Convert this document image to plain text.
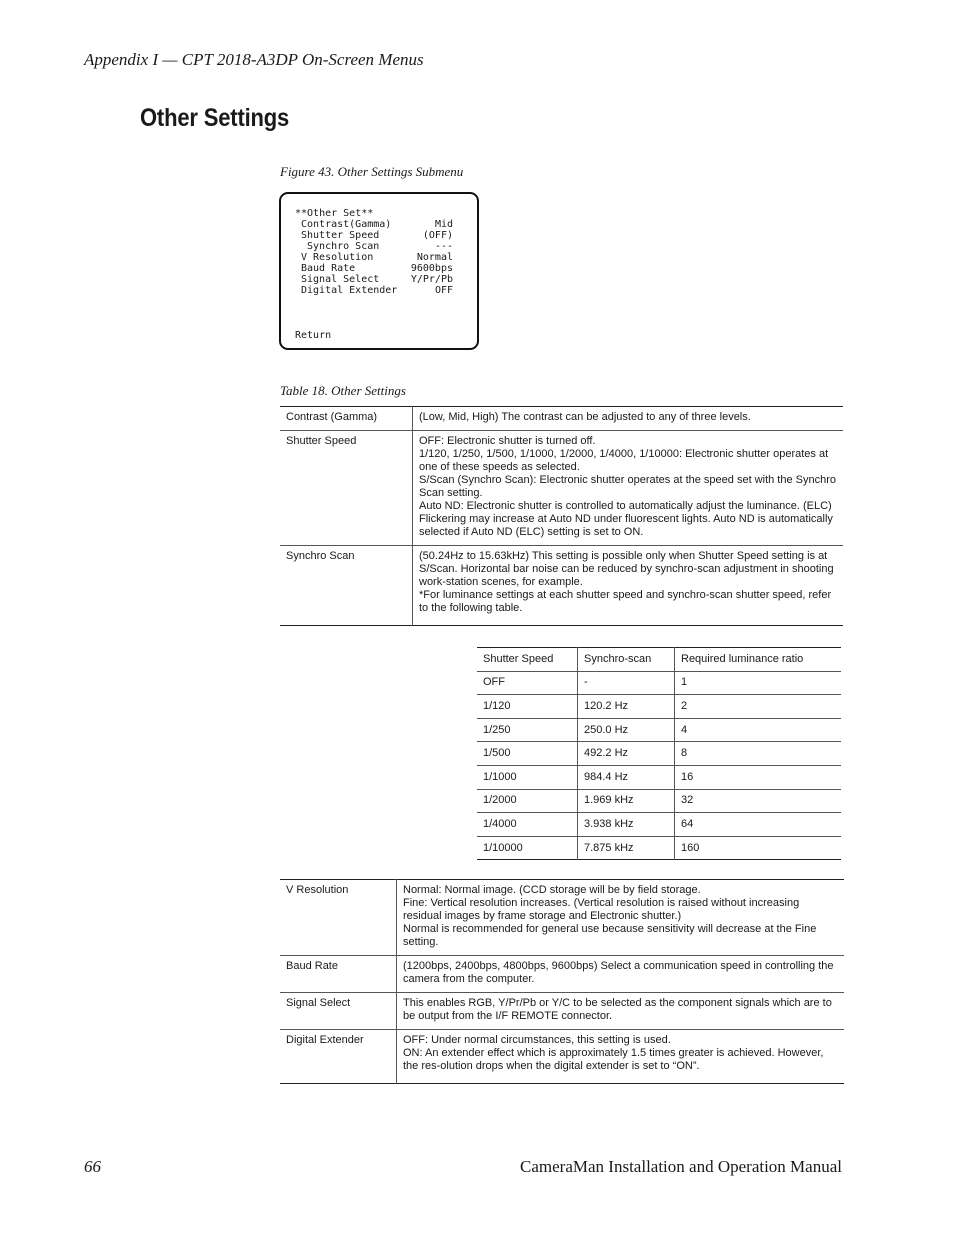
Appendix I — CPT 2018-A3DP On-Screen Menus
Other Settings
Figure 43. Other Settings Submenu
**Other Set**
Contrast(Gamma)	Mid
Shutter Speed	(OFF)
Synchro Scan	---
V Resolution	Normal
Baud Rate	9600bps
Signal Select	Y/Pr/Pb
Digital Extender	OFF
Return
Table 18. Other Settings
Contrast (Gamma)	(Low, Mid, High) The contrast can be adjusted to any of three levels.

Shutter Speed	OFF: Electronic shutter is turned off.
1/120, 1/250, 1/500, 1/1000, 1/2000, 1/4000, 1/10000: Electronic shutter operates at one of these speeds as selected.
S/Scan (Synchro Scan): Electronic shutter operates at the speed set with the Synchro Scan setting.
Auto ND: Electronic shutter is controlled to automatically adjust the luminance. (ELC) Flickering may increase at Auto ND under fluorescent lights. Auto ND is automatically selected if Auto ND (ELC) setting is set to ON.

Synchro Scan	(50.24Hz to 15.63kHz) This setting is possible only when Shutter Speed setting is at S/Scan. Horizontal bar noise can be reduced by synchro-scan adjustment in shooting work-station scenes, for example.
*For luminance settings at each shutter speed and synchro-scan shutter speed, refer to the following table.
Shutter Speed	Synchro-scan	Required luminance ratio
OFF	-	1
1/120	120.2 Hz	2
1/250	250.0 Hz	4
1/500	492.2 Hz	8
1/1000	984.4 Hz	16
1/2000	1.969 kHz	32
1/4000	3.938 kHz	64
1/10000	7.875 kHz	160
V Resolution	Normal: Normal image. (CCD storage will be by field storage.
Fine: Vertical resolution increases. (Vertical resolution is raised without increasing residual images by frame storage and Electronic shutter.)
Normal is recommended for general use because sensitivity will decrease at the Fine setting.

Baud Rate	(1200bps, 2400bps, 4800bps, 9600bps) Select a communication speed in controlling the camera from the computer.

Signal Select	This enables RGB, Y/Pr/Pb or Y/C to be selected as the component signals which are to be output from the I/F REMOTE connector.

Digital Extender	OFF: Under normal circumstances, this setting is used.
ON: An extender effect which is approximately 1.5 times greater is achieved. However, the res-olution drops when the digital extender is set to “ON”.
66	CameraMan Installation and Operation Manual
